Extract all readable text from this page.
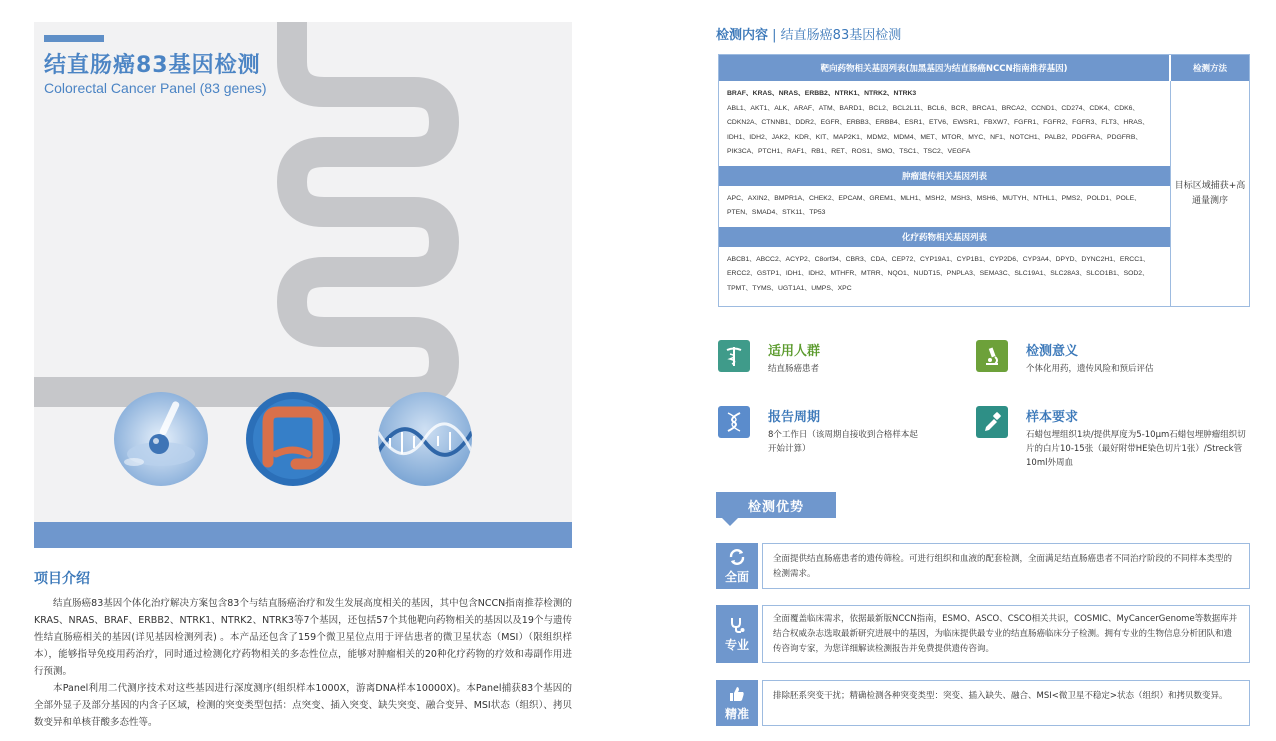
结直肠癌83基因检测
Colorectal Cancer Panel (83 genes)
项目介绍

结直肠癌83基因个体化治疗解决方案包含83个与结直肠癌治疗和发生发展高度相关的基因，其中包含NCCN指南推荐检测的KRAS、NRAS、BRAF、ERBB2、NTRK1、NTRK2、NTRK3等7个基因，还包括57个其他靶向药物相关的基因以及19个与遗传性结直肠癌相关的基因(详见基因检测列表) 。本产品还包含了159个微卫星位点用于评估患者的微卫星状态（MSI）（限组织样本），能够指导免疫用药治疗，同时通过检测化疗药物相关的多态性位点，能够对肿瘤相关的20种化疗药物的疗效和毒副作用进行预测。

本Panel利用二代测序技术对这些基因进行深度测序(组织样本1000X，游离DNA样本10000X)。本Panel捕获83个基因的全部外显子及部分基因的内含子区域，检测的突变类型包括：点突变、插入突变、缺失突变、融合变异、MSI状态（组织）、拷贝数变异和单核苷酸多态性等。

检测内容 | 结直肠癌83基因检测
靶向药物相关基因列表(加黑基因为结直肠癌NCCN指南推荐基因)	检测方法
BRAF、KRAS、NRAS、ERBB2、NTRK1、NTRK2、NTRK3
ABL1、AKT1、ALK、ARAF、ATM、BARD1、BCL2、BCL2L11、BCL6、BCR、BRCA1、BRCA2、CCND1、CD274、CDK4、CDK6、CDKN2A、CTNNB1、DDR2、EGFR、ERBB3、ERBB4、ESR1、ETV6、EWSR1、FBXW7、FGFR1、FGFR2、FGFR3、FLT3、HRAS、IDH1、IDH2、JAK2、KDR、KIT、MAP2K1、MDM2、MDM4、MET、MTOR、MYC、NF1、NOTCH1、PALB2、PDGFRA、PDGFRB、PIK3CA、PTCH1、RAF1、RB1、RET、ROS1、SMO、TSC1、TSC2、VEGFA
肿瘤遗传相关基因列表
APC、AXIN2、BMPR1A、CHEK2、EPCAM、GREM1、MLH1、MSH2、MSH3、MSH6、MUTYH、NTHL1、PMS2、POLD1、POLE、PTEN、SMAD4、STK11、TP53
化疗药物相关基因列表
ABCB1、ABCC2、ACYP2、C8orf34、CBR3、CDA、CEP72、CYP19A1、CYP1B1、CYP2D6、CYP3A4、DPYD、DYNC2H1、ERCC1、ERCC2、GSTP1、IDH1、IDH2、MTHFR、MTRR、NQO1、NUDT15、PNPLA3、SEMA3C、SLC19A1、SLC28A3、SLCO1B1、SOD2、TPMT、TYMS、UGT1A1、UMPS、XPC
目标区域捕获+高通量测序
适用人群
结直肠癌患者
检测意义
个体化用药，遗传风险和预后评估
报告周期
8个工作日（该周期自接收到合格样本起开始计算）
样本要求
石蜡包埋组织1块/提供厚度为5-10μm石蜡包埋肿瘤组织切片的白片10-15张（最好附带HE染色切片1张）/Streck管10ml外周血
检测优势
全面
全面提供结直肠癌患者的遗传筛检。可进行组织和血液的配套检测，全面满足结直肠癌患者不同治疗阶段的不同样本类型的检测需求。
专业
全面覆盖临床需求，依据最新版NCCN指南，ESMO、ASCO、CSCO相关共识，COSMIC、MyCancerGenome等数据库并结合权威杂志选取最新研究进展中的基因，为临床提供最专业的结直肠癌临床分子检测。拥有专业的生物信息分析团队和遗传咨询专家，为您详细解读检测报告并免费提供遗传咨询。
精准
排除胚系突变干扰；精确检测各种突变类型：突变、插入缺失、融合、MSI<微卫星不稳定>状态（组织）和拷贝数变异。
